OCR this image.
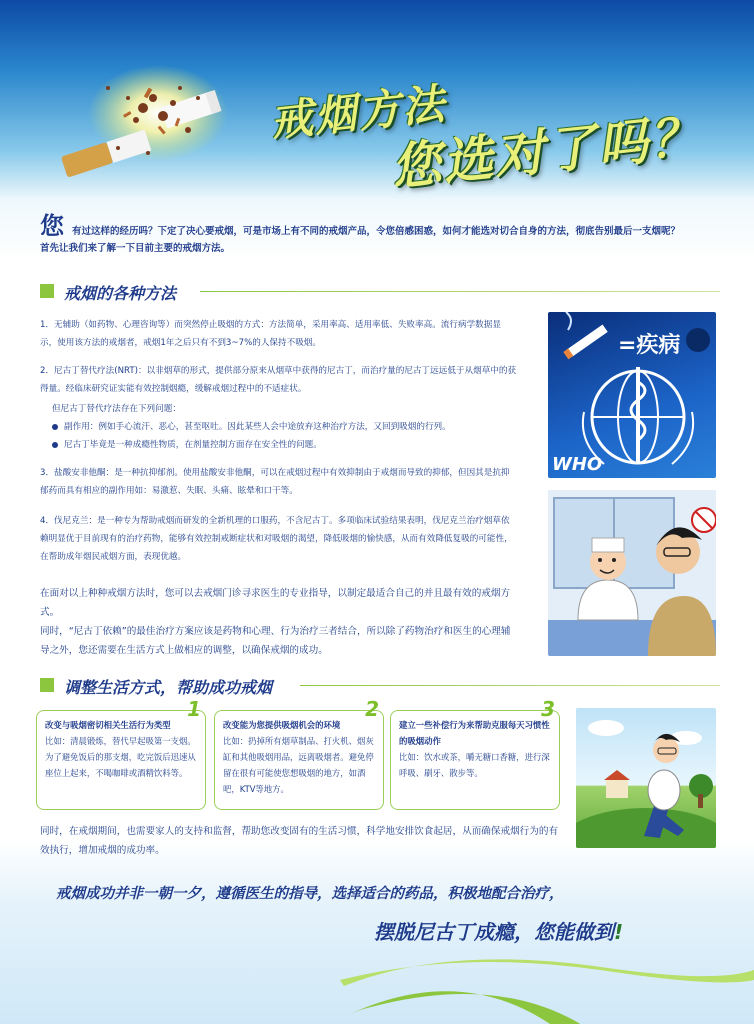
戒烟方法
您选对了吗？
您 有过这样的经历吗？下定了决心要戒烟，可是市场上有不同的戒烟产品，令您倍感困惑，如何才能选对切合自身的方法，彻底告别最后一支烟呢？
首先让我们来了解一下目前主要的戒烟方法。
戒烟的各种方法
1．无辅助（如药物、心理咨询等）而突然停止吸烟的方式：方法简单，采用率高、适用率低、失败率高。流行病学数据显示，使用该方法的戒烟者，戒烟1年之后只有不到3~7%的人保持不吸烟。
2．尼古丁替代疗法(NRT)：以非烟草的形式，提供部分原来从烟草中获得的尼古丁，而治疗量的尼古丁远远低于从烟草中的获得量。经临床研究证实能有效控制烟瘾，缓解戒烟过程中的不适症状。
但尼古丁替代疗法存在下列问题：
副作用：例如手心流汗、恶心，甚至呕吐。因此某些人会中途放弃这种治疗方法，又回到吸烟的行列。
尼古丁毕竟是一种成瘾性物质，在剂量控制方面存在安全性的问题。
3．盐酸安非他酮：是一种抗抑郁剂。使用盐酸安非他酮，可以在戒烟过程中有效抑制由于戒烟而导致的抑郁，但因其是抗抑郁药而具有相应的副作用如：易激惹、失眠、头痛、眩晕和口干等。
4．伐尼克兰：是一种专为帮助戒烟而研发的全新机理的口服药，不含尼古丁。多项临床试验结果表明，伐尼克兰治疗烟草依赖明显优于目前现有的治疗药物，能够有效控制戒断症状和对吸烟的渴望，降低吸烟的愉快感，从而有效降低复吸的可能性，在帮助成年烟民戒烟方面，表现优越。
在面对以上种种戒烟方法时，您可以去戒烟门诊寻求医生的专业指导，以制定最适合自己的并且最有效的戒烟方式。
同时，“尼古丁依赖”的最佳治疗方案应该是药物和心理、行为治疗三者结合，所以除了药物治疗和医生的心理辅导之外，您还需要在生活方式上做相应的调整，以确保戒烟的成功。
=疾病
WHO
调整生活方式，帮助成功戒烟
1
改变与吸烟密切相关生活行为类型
比如：清晨锻炼，替代早起吸第一支烟。为了避免饭后的那支烟，吃完饭后迅速从座位上起来，不喝咖啡或酒精饮料等。
2
改变能为您提供吸烟机会的环境
比如：扔掉所有烟草制品、打火机、烟灰缸和其他吸烟用品，远离吸烟者。避免停留在很有可能使您想吸烟的地方，如酒吧，KTV等地方。
3
建立一些补偿行为来帮助克服每天习惯性的吸烟动作
比如：饮水或茶，嚼无糖口香糖，进行深呼吸、刷牙、散步等。
同时，在戒烟期间，也需要家人的支持和监督，帮助您改变固有的生活习惯，科学地安排饮食起居，从而确保戒烟行为的有效执行，增加戒烟的成功率。
戒烟成功并非一朝一夕，遵循医生的指导，选择适合的药品，积极地配合治疗，
摆脱尼古丁成瘾，您能做到!
